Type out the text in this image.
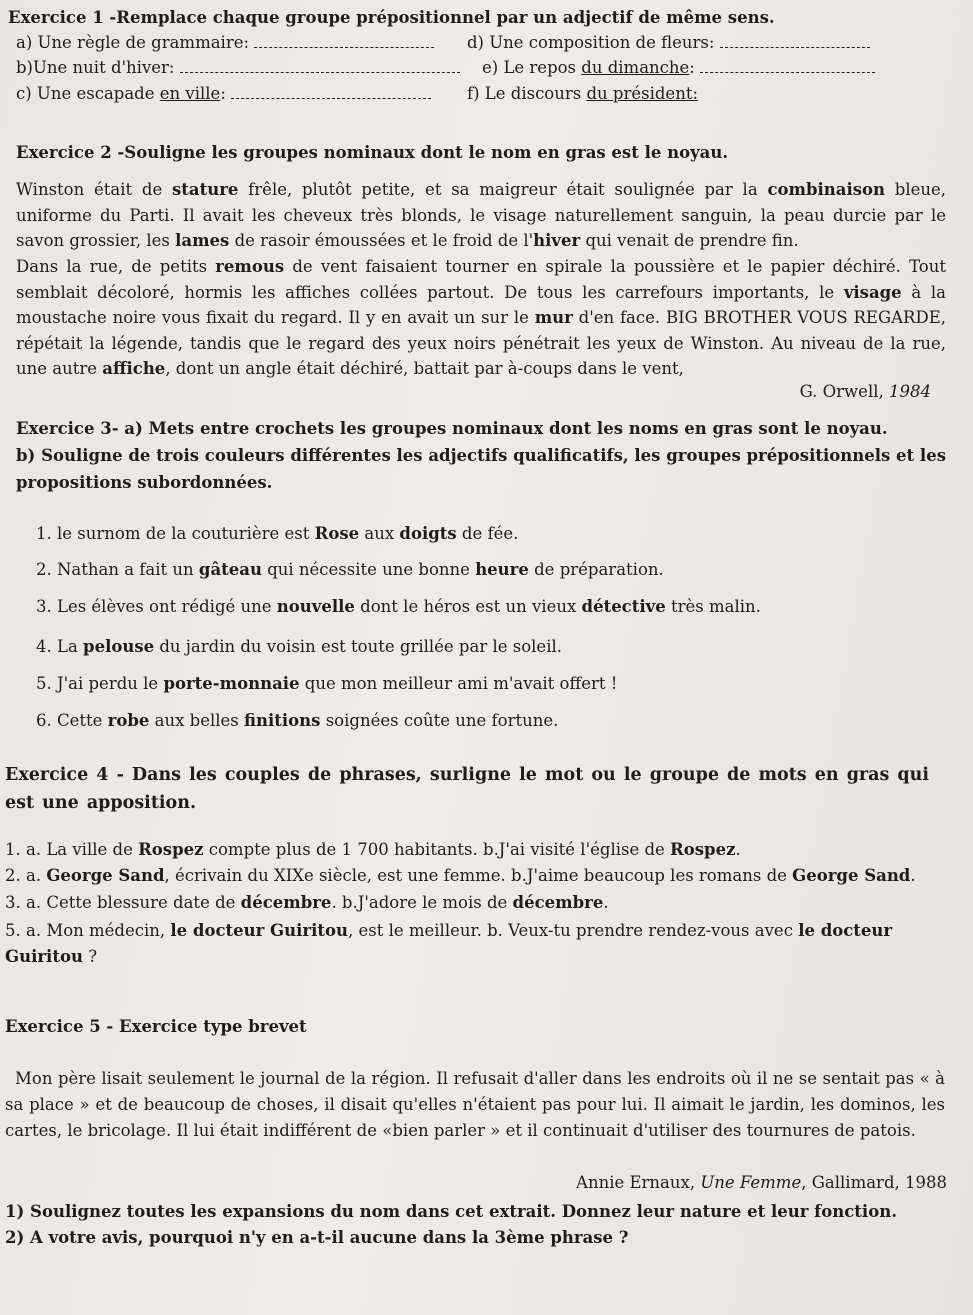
Exercice 1 -Remplace chaque groupe prépositionnel par un adjectif de même sens.
a) Une règle de grammaire:	d) Une composition de fleurs:
b)Une nuit d'hiver:	e) Le repos du dimanche:
c) Une escapade en ville:	f) Le discours du président:
Exercice 2 -Souligne les groupes nominaux dont le nom en gras est le noyau.
Winston était de stature frêle, plutôt petite, et sa maigreur était soulignée par la combinaison bleue, uniforme du Parti. Il avait les cheveux très blonds, le visage naturellement sanguin, la peau durcie par le savon grossier, les lames de rasoir émoussées et le froid de l'hiver qui venait de prendre fin.
Dans la rue, de petits remous de vent faisaient tourner en spirale la poussière et le papier déchiré. Tout semblait décoloré, hormis les affiches collées partout. De tous les carrefours importants, le visage à la moustache noire vous fixait du regard. Il y en avait un sur le mur d'en face. BIG BROTHER VOUS REGARDE, répétait la légende, tandis que le regard des yeux noirs pénétrait les yeux de Winston. Au niveau de la rue, une autre affiche, dont un angle était déchiré, battait par à-coups dans le vent,
G. Orwell, 1984
Exercice 3- a) Mets entre crochets les groupes nominaux dont les noms en gras sont le noyau.
b) Souligne de trois couleurs différentes les adjectifs qualificatifs, les groupes prépositionnels et les propositions subordonnées.
1. le surnom de la couturière est Rose aux doigts de fée.
2. Nathan a fait un gâteau qui nécessite une bonne heure de préparation.
3. Les élèves ont rédigé une nouvelle dont le héros est un vieux détective très malin.
4. La pelouse du jardin du voisin est toute grillée par le soleil.
5. J'ai perdu le porte-monnaie que mon meilleur ami m'avait offert !
6. Cette robe aux belles finitions soignées coûte une fortune.
Exercice 4 - Dans les couples de phrases, surligne le mot ou le groupe de mots en gras qui est une apposition.
1. a. La ville de Rospez compte plus de 1 700 habitants. b.J'ai visité l'église de Rospez.
2. a. George Sand, écrivain du XIXe siècle, est une femme. b.J'aime beaucoup les romans de George Sand.
3. a. Cette blessure date de décembre. b.J'adore le mois de décembre.
5. a. Mon médecin, le docteur Guiritou, est le meilleur. b. Veux-tu prendre rendez-vous avec le docteur Guiritou ?
Exercice 5 - Exercice type brevet
Mon père lisait seulement le journal de la région. Il refusait d'aller dans les endroits où il ne se sentait pas « à sa place » et de beaucoup de choses, il disait qu'elles n'étaient pas pour lui. Il aimait le jardin, les dominos, les cartes, le bricolage. Il lui était indifférent de «bien parler » et il continuait d'utiliser des tournures de patois.
Annie Ernaux, Une Femme, Gallimard, 1988
1) Soulignez toutes les expansions du nom dans cet extrait. Donnez leur nature et leur fonction.
2) A votre avis, pourquoi n'y en a-t-il aucune dans la 3ème phrase ?
